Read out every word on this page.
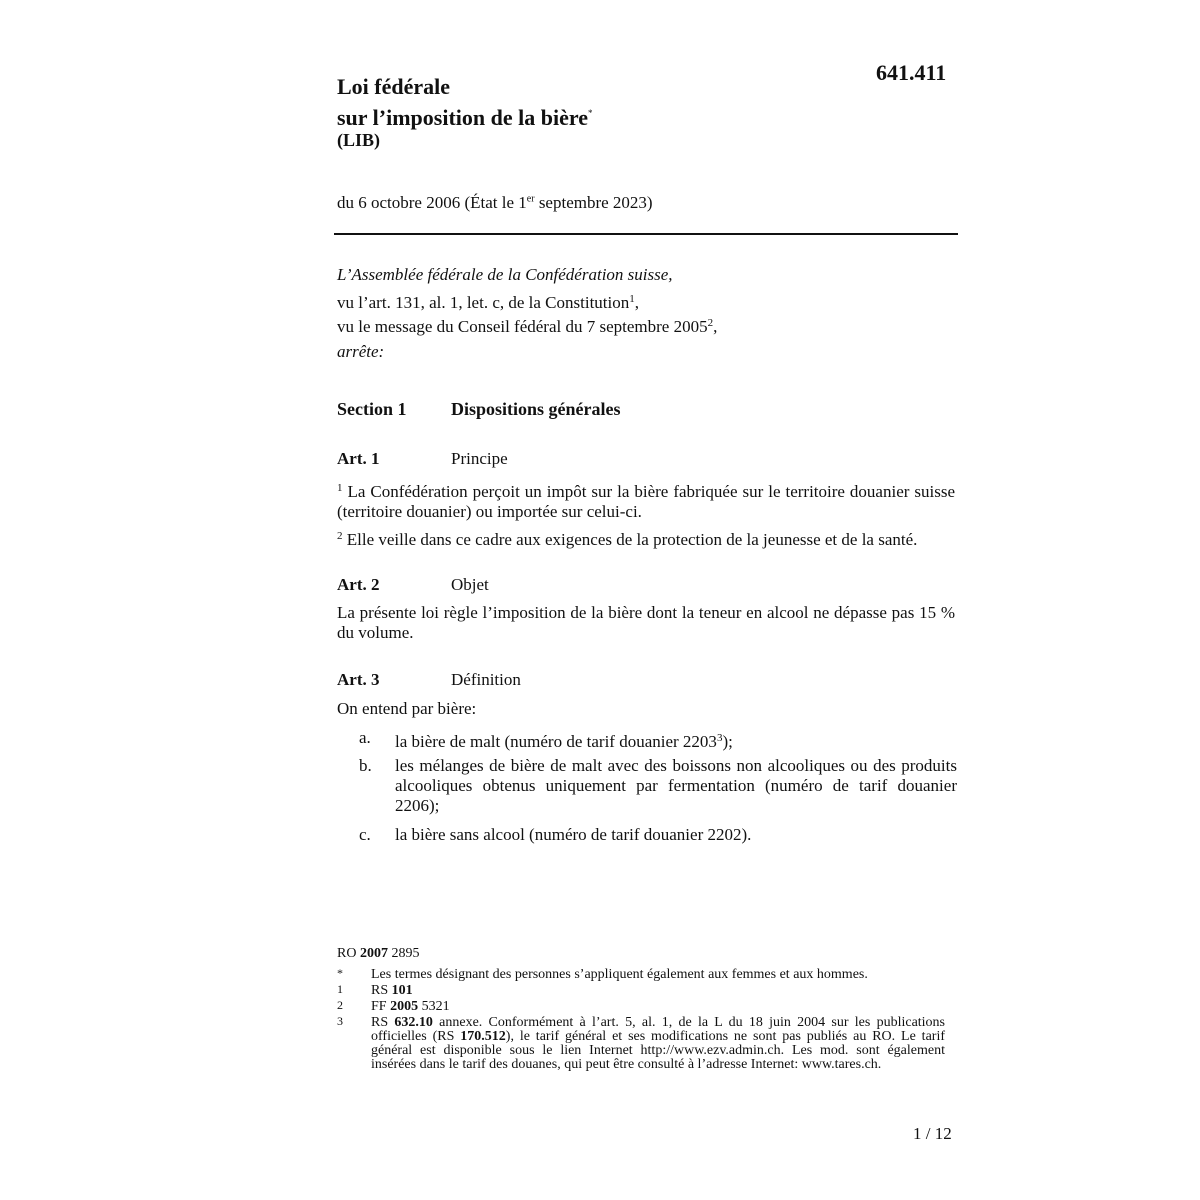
641.411
Loi fédérale
sur l’imposition de la bière*
(LIB)
du 6 octobre 2006 (État le 1er septembre 2023)
L’Assemblée fédérale de la Confédération suisse,
vu l’art. 131, al. 1, let. c, de la Constitution$^1$,
vu le message du Conseil fédéral du 7 septembre 2005$^2$,
arrête:
Section 1 Dispositions générales
Art. 1	Principe
$^1$ La Confédération perçoit un impôt sur la bière fabriquée sur le territoire douanier suisse (territoire douanier) ou importée sur celui-ci.
$^2$ Elle veille dans ce cadre aux exigences de la protection de la jeunesse et de la santé.
Art. 2	Objet
La présente loi règle l’imposition de la bière dont la teneur en alcool ne dépasse pas 15 % du volume.
Art. 3	Définition
On entend par bière:
a. la bière de malt (numéro de tarif douanier 2203$^3$);
b. les mélanges de bière de malt avec des boissons non alcooliques ou des produits alcooliques obtenus uniquement par fermentation (numéro de tarif douanier 2206);
c. la bière sans alcool (numéro de tarif douanier 2202).
RO 2007 2895
* Les termes désignant des personnes s’appliquent également aux femmes et aux hommes.
1 RS 101
2 FF 2005 5321
3 RS 632.10 annexe. Conformément à l’art. 5, al. 1, de la L du 18 juin 2004 sur les publications officielles (RS 170.512), le tarif général et ses modifications ne sont pas publiés au RO. Le tarif général est disponible sous le lien Internet http://www.ezv.admin.ch. Les mod. sont également insérées dans le tarif des douanes, qui peut être consulté à l’adresse Internet: www.tares.ch.
1 / 12
